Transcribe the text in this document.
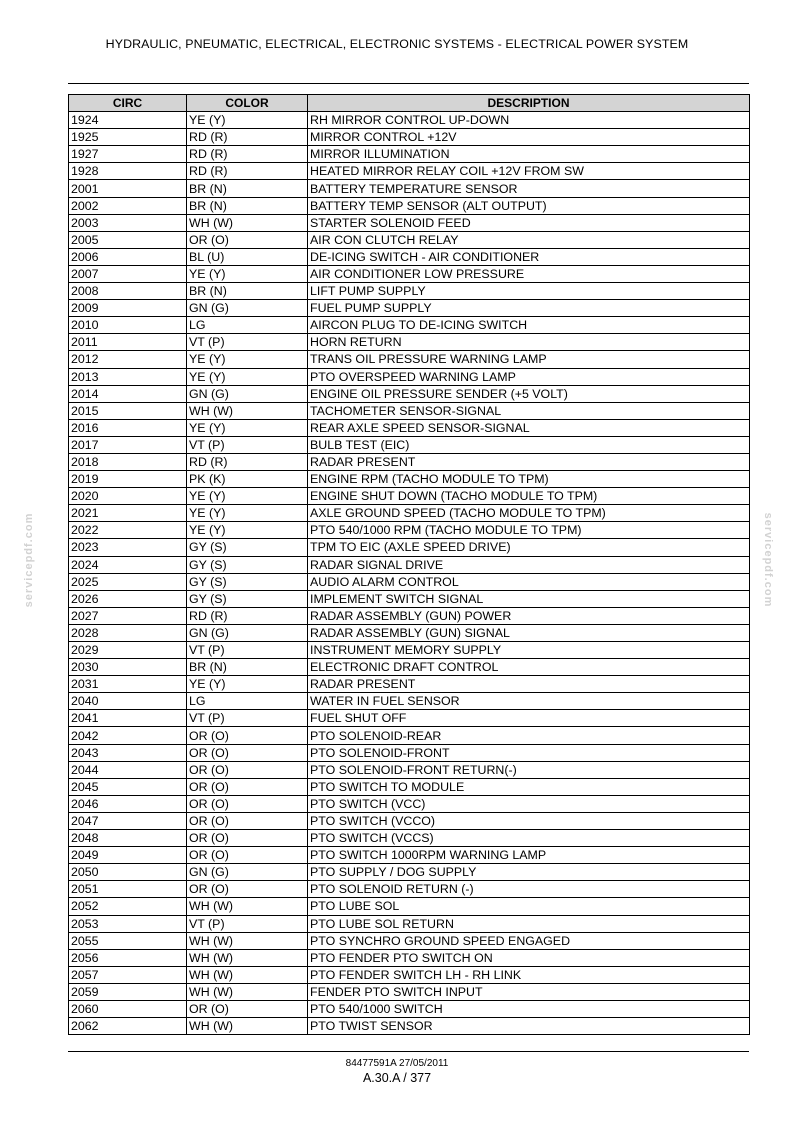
HYDRAULIC, PNEUMATIC, ELECTRICAL, ELECTRONIC SYSTEMS - ELECTRICAL POWER SYSTEM
servicepdf.com	servicepdf.com
CIRC	COLOR	DESCRIPTION
1924	YE (Y)	RH MIRROR CONTROL UP-DOWN
1925	RD (R)	MIRROR CONTROL +12V
1927	RD (R)	MIRROR ILLUMINATION
1928	RD (R)	HEATED MIRROR RELAY COIL +12V FROM SW
2001	BR (N)	BATTERY TEMPERATURE SENSOR
2002	BR (N)	BATTERY TEMP SENSOR (ALT OUTPUT)
2003	WH (W)	STARTER SOLENOID FEED
2005	OR (O)	AIR CON CLUTCH RELAY
2006	BL (U)	DE-ICING SWITCH - AIR CONDITIONER
2007	YE (Y)	AIR CONDITIONER LOW PRESSURE
2008	BR (N)	LIFT PUMP SUPPLY
2009	GN (G)	FUEL PUMP SUPPLY
2010	LG	AIRCON PLUG TO DE-ICING SWITCH
2011	VT (P)	HORN RETURN
2012	YE (Y)	TRANS OIL PRESSURE WARNING LAMP
2013	YE (Y)	PTO OVERSPEED WARNING LAMP
2014	GN (G)	ENGINE OIL PRESSURE SENDER (+5 VOLT)
2015	WH (W)	TACHOMETER SENSOR-SIGNAL
2016	YE (Y)	REAR AXLE SPEED SENSOR-SIGNAL
2017	VT (P)	BULB TEST (EIC)
2018	RD (R)	RADAR PRESENT
2019	PK (K)	ENGINE RPM (TACHO MODULE TO TPM)
2020	YE (Y)	ENGINE SHUT DOWN (TACHO MODULE TO TPM)
2021	YE (Y)	AXLE GROUND SPEED (TACHO MODULE TO TPM)
2022	YE (Y)	PTO 540/1000 RPM (TACHO MODULE TO TPM)
2023	GY (S)	TPM TO EIC (AXLE SPEED DRIVE)
2024	GY (S)	RADAR SIGNAL DRIVE
2025	GY (S)	AUDIO ALARM CONTROL
2026	GY (S)	IMPLEMENT SWITCH SIGNAL
2027	RD (R)	RADAR ASSEMBLY (GUN) POWER
2028	GN (G)	RADAR ASSEMBLY (GUN) SIGNAL
2029	VT (P)	INSTRUMENT MEMORY SUPPLY
2030	BR (N)	ELECTRONIC DRAFT CONTROL
2031	YE (Y)	RADAR PRESENT
2040	LG	WATER IN FUEL SENSOR
2041	VT (P)	FUEL SHUT OFF
2042	OR (O)	PTO SOLENOID-REAR
2043	OR (O)	PTO SOLENOID-FRONT
2044	OR (O)	PTO SOLENOID-FRONT RETURN(-)
2045	OR (O)	PTO SWITCH TO MODULE
2046	OR (O)	PTO SWITCH (VCC)
2047	OR (O)	PTO SWITCH (VCCO)
2048	OR (O)	PTO SWITCH (VCCS)
2049	OR (O)	PTO SWITCH 1000RPM WARNING LAMP
2050	GN (G)	PTO SUPPLY / DOG SUPPLY
2051	OR (O)	PTO SOLENOID RETURN (-)
2052	WH (W)	PTO LUBE SOL
2053	VT (P)	PTO LUBE SOL RETURN
2055	WH (W)	PTO SYNCHRO GROUND SPEED ENGAGED
2056	WH (W)	PTO FENDER PTO SWITCH ON
2057	WH (W)	PTO FENDER SWITCH LH - RH LINK
2059	WH (W)	FENDER PTO SWITCH INPUT
2060	OR (O)	PTO 540/1000 SWITCH
2062	WH (W)	PTO TWIST SENSOR
84477591A 27/05/2011
A.30.A / 377
